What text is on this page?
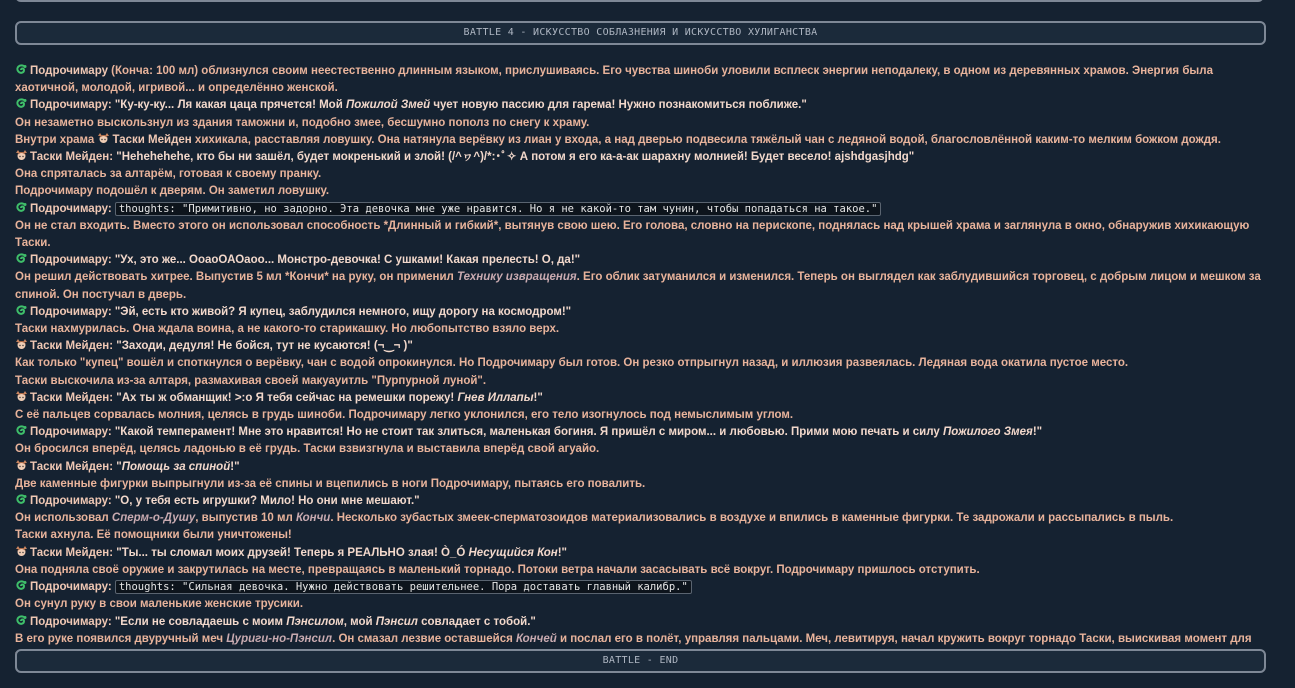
BATTLE 4 - ИСКУССТВО СОБЛАЗНЕНИЯ И ИСКУССТВО ХУЛИГАНСТВА

Подрочимару (Конча: 100 мл) облизнулся своим неестественно длинным языком, прислушиваясь. Его чувства шиноби уловили всплеск энергии неподалеку, в одном из деревянных храмов. Энергия была хаотичной, молодой, игривой... и определённо женской.

Подрочимару: "Ку-ку-ку... Ля какая цаца прячется! Мой Пожилой Змей чует новую пассию для гарема! Нужно познакомиться поближе."

Он незаметно выскользнул из здания таможни и, подобно змее, бесшумно пополз по снегу к храму.

Внутри храма Таски Мейден хихикала, расставляя ловушку. Она натянула верёвку из лиан у входа, а над дверью подвесила тяжёлый чан с ледяной водой, благословлённой каким-то мелким божком дождя.

Таски Мейден: "Hehehehehe, кто бы ни зашёл, будет мокренький и злой! (/^ヮ^)/*:･ﾟ✧ А потом я его ка-а-ак шарахну молнией! Будет весело! ajshdgasjhdg"

Она спряталась за алтарём, готовая к своему пранку.

Подрочимару подошёл к дверям. Он заметил ловушку.

Подрочимару: thoughts: "Примитивно, но задорно. Эта девочка мне уже нравится. Но я не какой-то там чунин, чтобы попадаться на такое."

Он не стал входить. Вместо этого он использовал способность *Длинный и гибкий*, вытянув свою шею. Его голова, словно на перископе, поднялась над крышей храма и заглянула в окно, обнаружив хихикающую Таски.

Подрочимару: "Ух, это же... ОоаоОАОаоо... Монстро-девочка! С ушками! Какая прелесть! О, да!"

Он решил действовать хитрее. Выпустив 5 мл *Кончи* на руку, он применил Технику извращения. Его облик затуманился и изменился. Теперь он выглядел как заблудившийся торговец, с добрым лицом и мешком за спиной. Он постучал в дверь.

Подрочимару: "Эй, есть кто живой? Я купец, заблудился немного, ищу дорогу на космодром!"

Таски нахмурилась. Она ждала воина, а не какого-то старикашку. Но любопытство взяло верх.

Таски Мейден: "Заходи, дедуля! Не бойся, тут не кусаются! (¬‿¬ )"

Как только "купец" вошёл и споткнулся о верёвку, чан с водой опрокинулся. Но Подрочимару был готов. Он резко отпрыгнул назад, и иллюзия развеялась. Ледяная вода окатила пустое место.

Таски выскочила из-за алтаря, размахивая своей макуауитль "Пурпурной луной".

Таски Мейден: "Ах ты ж обманщик! >:o Я тебя сейчас на ремешки порежу! Гнев Иллапы!"

С её пальцев сорвалась молния, целясь в грудь шиноби. Подрочимару легко уклонился, его тело изогнулось под немыслимым углом.

Подрочимару: "Какой темперамент! Мне это нравится! Но не стоит так злиться, маленькая богиня. Я пришёл с миром... и любовью. Прими мою печать и силу Пожилого Змея!"

Он бросился вперёд, целясь ладонью в её грудь. Таски взвизгнула и выставила вперёд свой агуайо.

Таски Мейден: "Помощь за спиной!"

Две каменные фигурки выпрыгнули из-за её спины и вцепились в ноги Подрочимару, пытаясь его повалить.

Подрочимару: "О, у тебя есть игрушки? Мило! Но они мне мешают."

Он использовал Сперм-о-Душу, выпустив 10 мл Кончи. Несколько зубастых змеек-сперматозоидов материализовались в воздухе и впились в каменные фигурки. Те задрожали и рассыпались в пыль.

Таски ахнула. Её помощники были уничтожены!

Таски Мейден: "Ты... ты сломал моих друзей! Теперь я РЕАЛЬНО злая! Ò_Ó Несущийся Кон!"

Она подняла своё оружие и закрутилась на месте, превращаясь в маленький торнадо. Потоки ветра начали засасывать всё вокруг. Подрочимару пришлось отступить.

Подрочимару: thoughts: "Сильная девочка. Нужно действовать решительнее. Пора доставать главный калибр."

Он сунул руку в свои маленькие женские трусики.

Подрочимару: "Если не совладаешь с моим Пэнсилом, мой Пэнсил совладает с тобой."

В его руке появился двуручный меч Цуриги-но-Пэнсил. Он смазал лезвие оставшейся Кончей и послал его в полёт, управляя пальцами. Меч, левитируя, начал кружить вокруг торнадо Таски, выискивая момент для

BATTLE - END
